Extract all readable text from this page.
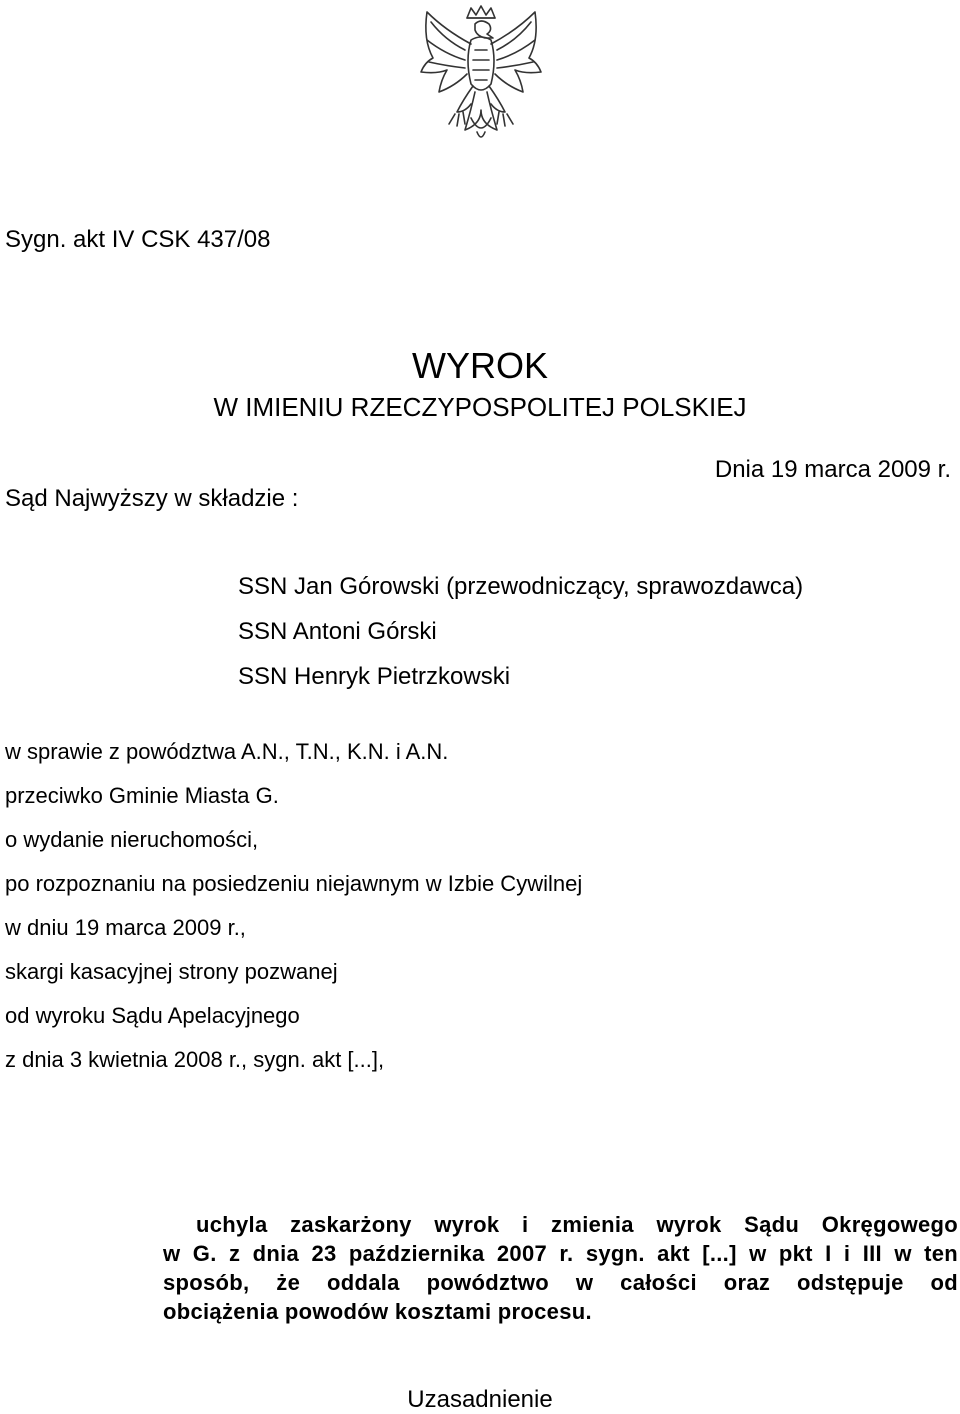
Sygn. akt IV CSK 437/08
WYROK
W IMIENIU RZECZYPOSPOLITEJ POLSKIEJ
Dnia 19 marca 2009 r.
Sąd Najwyższy w składzie :
SSN Jan Górowski (przewodniczący, sprawozdawca)
SSN Antoni Górski
SSN Henryk Pietrzkowski
w sprawie z powództwa A.N., T.N., K.N. i A.N.
przeciwko Gminie Miasta G.
o wydanie nieruchomości,
po rozpoznaniu na posiedzeniu niejawnym w Izbie Cywilnej
w dniu 19 marca 2009 r.,
skargi kasacyjnej strony pozwanej
od wyroku Sądu Apelacyjnego
z dnia 3 kwietnia 2008 r., sygn. akt [...],
uchyla zaskarżony wyrok i zmienia wyrok Sądu Okręgowego
w G. z dnia 23 października 2007 r. sygn. akt [...] w pkt I i III w ten
sposób, że oddala powództwo w całości oraz odstępuje od
obciążenia powodów kosztami procesu.
Uzasadnienie
